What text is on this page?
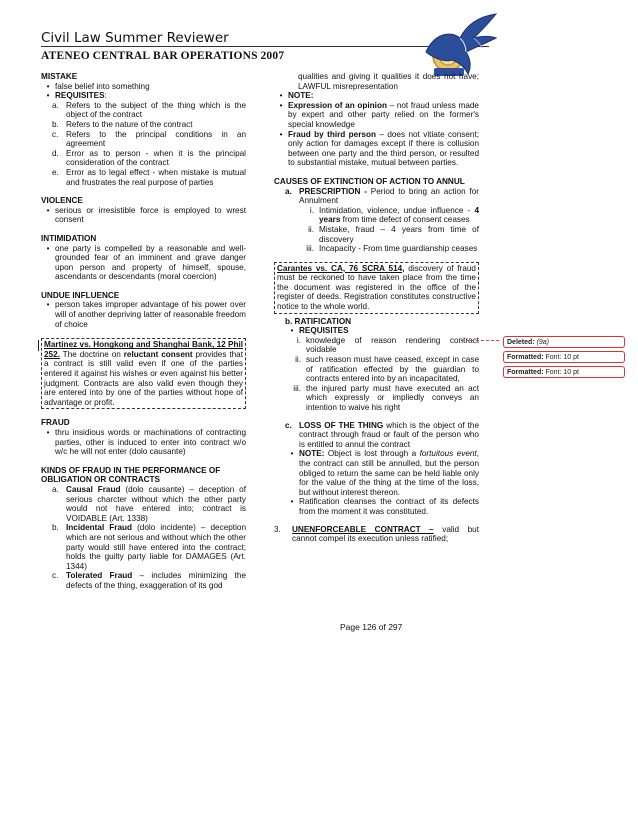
Civil Law Summer Reviewer
ATENEO CENTRAL BAR OPERATIONS 2007
MISTAKE
• false belief into something
• REQUISITES:
a. Refers to the subject of the thing which is the object of the contract
b. Refers to the nature of the contract
c. Refers to the principal conditions in an agreement
d. Error as to person - when it is the principal consideration of the contract
e. Error as to legal effect - when mistake is mutual and frustrates the real purpose of parties
VIOLENCE
• serious or irresistible force is employed to wrest consent
INTIMIDATION
• one party is compelled by a reasonable and well-grounded fear of an imminent and grave danger upon person and property of himself, spouse, ascendants or descendants (moral coercion)
UNDUE INFLUENCE
• person takes improper advantage of his power over will of another depriving latter of reasonable freedom of choice
Martinez vs. Hongkong and Shanghai Bank, 12 Phil 252. The doctrine on reluctant consent provides that a contract is still valid even if one of the parties entered it against his wishes or even against his better judgment. Contracts are also valid even though they are entered into by one of the parties without hope of advantage or profit.
FRAUD
• thru insidious words or machinations of contracting parties, other is induced to enter into contract w/o w/c he will not enter (dolo causante)
KINDS OF FRAUD IN THE PERFORMANCE OF OBLIGATION OR CONTRACTS
a. Causal Fraud (dolo causante) – deception of serious charcter without which the other party would not have entered into; contract is VOIDABLE (Art. 1338)
b. Incidental Fraud (dolo incidente) – deception which are not serious and without which the other party would still have entered into the contract; holds the guilty party liable for DAMAGES (Art. 1344)
c. Tolerated Fraud – includes minimizing the defects of the thing, exaggeration of its god
qualities and giving it qualities it does not have; LAWFUL misrepresentation
• NOTE:
• Expression of an opinion – not fraud unless made by expert and other party relied on the former's special knowledge
• Fraud by third person – does not vitiate consent; only action for damages except if there is collusion between one party and the third person, or resulted to substantial mistake, mutual between parties.
CAUSES OF EXTINCTION OF ACTION TO ANNUL
a. PRESCRIPTION - Period to bring an action for Annulment
i. Intimidation, violence, undue influence - 4 years from time defect of consent ceases
ii. Mistake, fraud – 4 years from time of discovery
iii. Incapacity - From time guardianship ceases
Carantes vs. CA, 76 SCRA 514, discovery of fraud must be reckoned to have taken place from the time the document was registered in the office of the register of deeds. Registration constitutes constructive notice to the whole world.
b. RATIFICATION
• REQUISITES
i. knowledge of reason rendering contract voidable
ii. such reason must have ceased, except in case of ratification effected by the guardian to contracts entered into by an incapacitated,
iii. the injured party must have executed an act which expressly or impliedly conveys an intention to waive his right
c. LOSS OF THE THING which is the object of the contract through fraud or fault of the person who is entitled to annul the contract
• NOTE: Object is lost through a fortuitous event, the contract can still be annulled, but the person obliged to return the same can be held liable only for the value of the thing at the time of the loss, but without interest thereon.
• Ratification cleanses the contract of its defects from the moment it was constituted.
3.	UNENFORCEABLE CONTRACT – valid but cannot compel its execution unless ratified;
Page 126 of 297
Deleted: (9a)
Formatted: Font: 10 pt
Formatted: Font: 10 pt
